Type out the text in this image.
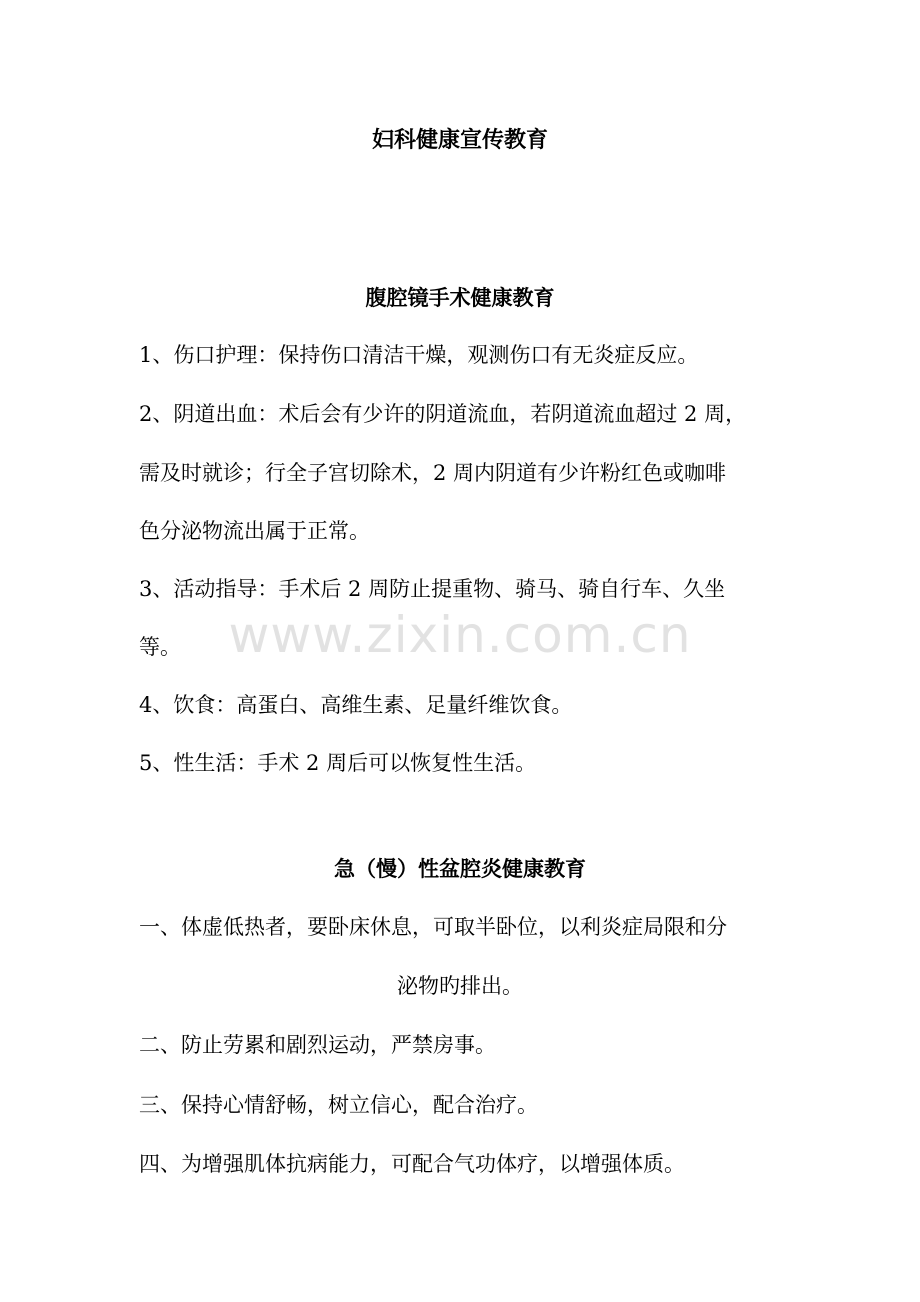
妇科健康宣传教育
腹腔镜手术健康教育

1、伤口护理：保持伤口清洁干燥，观测伤口有无炎症反应。

2、阴道出血：术后会有少许的阴道流血，若阴道流血超过 2 周，

需及时就诊；行全子宫切除术，2 周内阴道有少许粉红色或咖啡

色分泌物流出属于正常。

3、活动指导：手术后 2 周防止提重物、骑马、骑自行车、久坐

等。

4、饮食：高蛋白、高维生素、足量纤维饮食。

5、性生活：手术 2 周后可以恢复性生活。

急（慢）性盆腔炎健康教育

一、体虚低热者，要卧床休息，可取半卧位，以利炎症局限和分

泌物旳排出。

二、防止劳累和剧烈运动，严禁房事。

三、保持心情舒畅，树立信心，配合治疗。

四、为增强肌体抗病能力，可配合气功体疗，以增强体质。

www.zixin.com.cn
